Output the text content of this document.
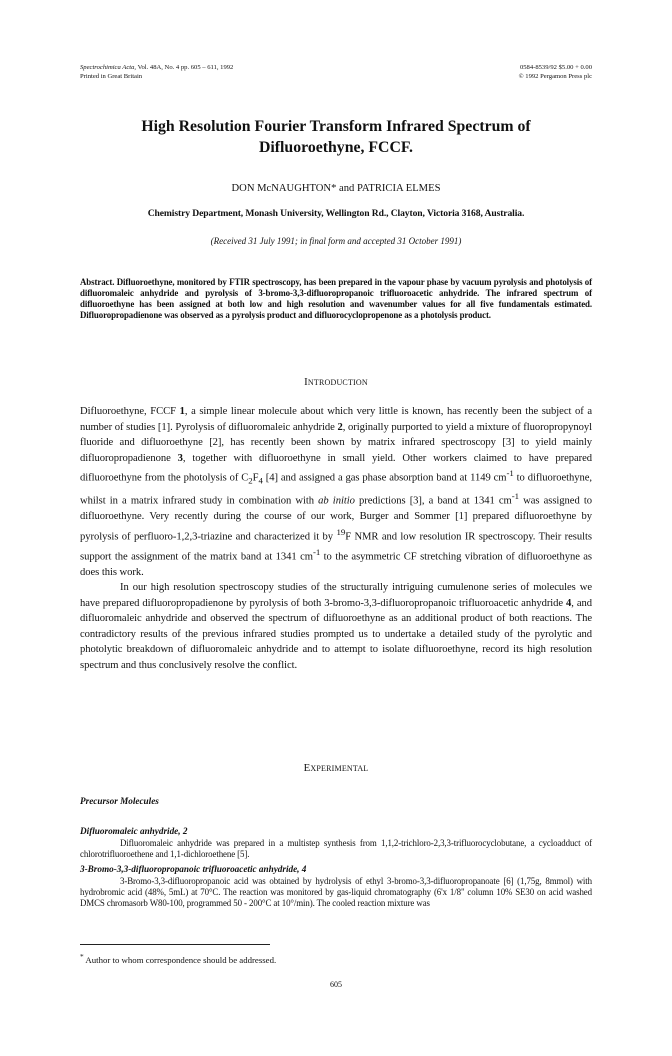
Spectrochimica Acta, Vol. 48A, No. 4 pp. 605 – 611, 1992
Printed in Great Britain
0584-8539/92 $5.00 + 0.00
© 1992 Pergamon Press plc
High Resolution Fourier Transform Infrared Spectrum of
Difluoroethyne, FCCF.
DON McNAUGHTON* and PATRICIA ELMES
Chemistry Department, Monash University, Wellington Rd., Clayton, Victoria 3168, Australia.
(Received 31 July 1991; in final form and accepted 31 October 1991)
Abstract. Difluoroethyne, monitored by FTIR spectroscopy, has been prepared in the vapour phase by vacuum pyrolysis and photolysis of difluoromaleic anhydride and pyrolysis of 3-bromo-3,3-difluoropropanoic trifluoroacetic anhydride. The infrared spectrum of difluoroethyne has been assigned at both low and high resolution and wavenumber values for all five fundamentals estimated. Difluoropropadienone was observed as a pyrolysis product and difluorocyclopropenone as a photolysis product.
Introduction

Difluoroethyne, FCCF 1, a simple linear molecule about which very little is known, has recently been the subject of a number of studies [1]. Pyrolysis of difluoromaleic anhydride 2, originally purported to yield a mixture of fluoropropynoyl fluoride and difluoroethyne [2], has recently been shown by matrix infrared spectroscopy [3] to yield mainly difluoropropadienone 3, together with difluoroethyne in small yield. Other workers claimed to have prepared difluoroethyne from the photolysis of $C_2F_4$ [4] and assigned a gas phase absorption band at 1149 $cm^{-1}$ to difluoroethyne, whilst in a matrix infrared study in combination with ab initio predictions [3], a band at 1341 $cm^{-1}$ was assigned to difluoroethyne. Very recently during the course of our work, Burger and Sommer [1] prepared difluoroethyne by pyrolysis of perfluoro-1,2,3-triazine and characterized it by $^{19}$F NMR and low resolution IR spectroscopy. Their results support the assignment of the matrix band at 1341 $cm^{-1}$ to the asymmetric CF stretching vibration of difluoroethyne as does this work.

In our high resolution spectroscopy studies of the structurally intriguing cumulenone series of molecules we have prepared difluoropropadienone by pyrolysis of both 3-bromo-3,3-difluoropropanoic trifluoroacetic anhydride 4, and difluoromaleic anhydride and observed the spectrum of difluoroethyne as an additional product of both reactions. The contradictory results of the previous infrared studies prompted us to undertake a detailed study of the pyrolytic and photolytic breakdown of difluoromaleic anhydride and to attempt to isolate difluoroethyne, record its high resolution spectrum and thus conclusively resolve the conflict.

Experimental
Precursor Molecules
Difluoromaleic anhydride, 2

Difluoromaleic anhydride was prepared in a multistep synthesis from 1,1,2-trichloro-2,3,3-trifluorocyclobutane, a cycloadduct of chlorotrifluoroethene and 1,1-dichloroethene [5].

3-Bromo-3,3-difluoropropanoic trifluoroacetic anhydride, 4

3-Bromo-3,3-difluoropropanoic acid was obtained by hydrolysis of ethyl 3-bromo-3,3-difluoropropanoate [6] (1,75g, 8mmol) with hydrobromic acid (48%, 5mL) at 70°C. The reaction was monitored by gas-liquid chromatography (6'x 1/8" column 10% SE30 on acid washed DMCS chromasorb W80-100, programmed 50 - 200°C at 10°/min). The cooled reaction mixture was

* Author to whom correspondence should be addressed.
605
